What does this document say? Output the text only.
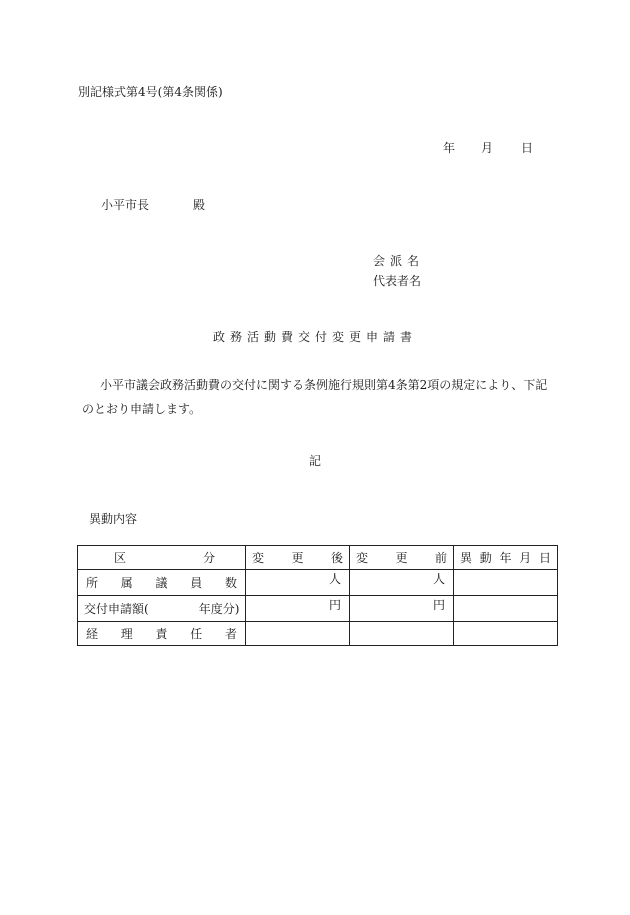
別記様式第4号(第4条関係)
年 月 日
小平市長	殿
会派名
代表者名
政務活動費交付変更申請書
小平市議会政務活動費の交付に関する条例施行規則第4条第2項の規定により、下記のとおり申請します。
記
異動内容
区分	変更後	変更前	異動年月日
所属議員数	人	人	
交付申請額( 年度分)	円	円	
経理責任者			
